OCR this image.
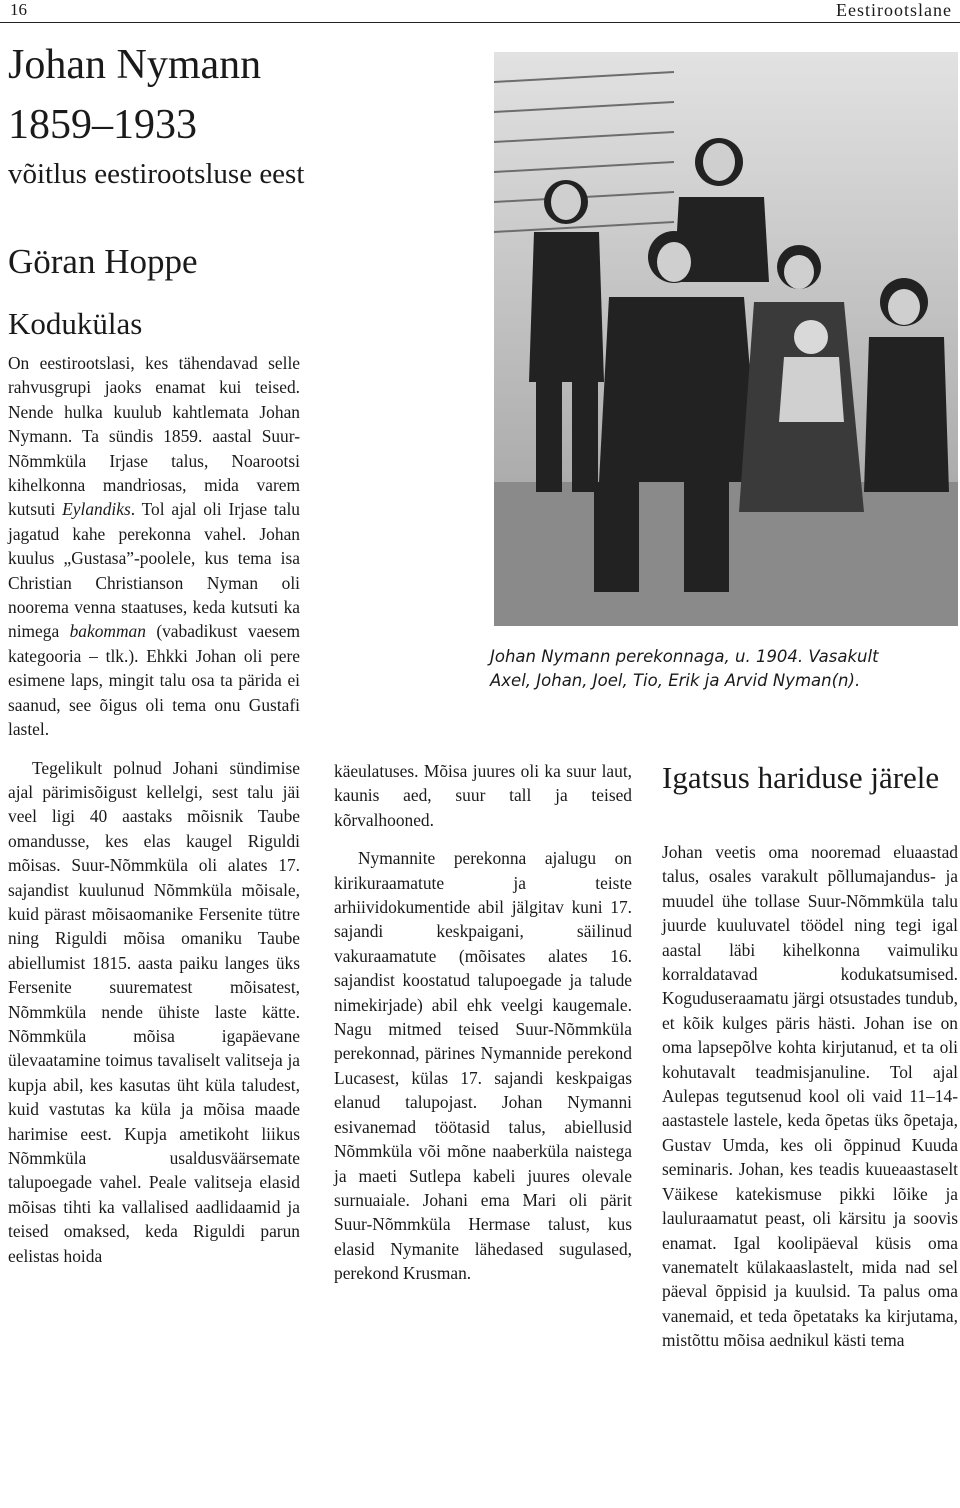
16	Eestirootslane
Johan Nymann
1859–1933
võitlus eestirootsluse eest
Göran Hoppe
Kodukülas

On eestirootslasi, kes tähendavad selle rahvusgrupi jaoks enamat kui teised. Nende hulka kuulub kahtlemata Johan Nymann. Ta sündis 1859. aastal Suur-Nõmmküla Irjase talus, Noarootsi kihelkonna mandriosas, mida varem kutsuti Eylandiks. Tol ajal oli Irjase talu jagatud kahe perekonna vahel. Johan kuulus „Gustasa”-poolele, kus tema isa Christian Christianson Nyman oli noorema venna staatuses, keda kutsuti ka nimega bakomman (vabadikust vaesem kategooria – tlk.). Ehkki Johan oli pere esimene laps, mingit talu osa ta pärida ei saanud, see õigus oli tema onu Gustafi lastel.

Tegelikult polnud Johani sündimise ajal pärimisõigust kellelgi, sest talu jäi veel ligi 40 aastaks mõisnik Taube omandusse, kes elas kaugel Riguldi mõisas. Suur-Nõmmküla oli alates 17. sajandist kuulunud Nõmmküla mõisale, kuid pärast mõisaomanike Fersenite tütre ning Riguldi mõisa omaniku Taube abiellumist 1815. aasta paiku langes üks Fersenite suurematest mõisatest, Nõmmküla nende ühiste laste kätte. Nõmmküla mõisa igapäevane ülevaatamine toimus tavaliselt valitseja ja kupja abil, kes kasutas üht küla taludest, kuid vastutas ka küla ja mõisa maade harimise eest. Kupja ametikoht liikus Nõmmküla usaldusväärsemate talupoegade vahel. Peale valitseja elasid mõisas tihti ka vallalised aadlidaamid ja teised omaksed, keda Riguldi parun eelistas hoida

Johan Nymann perekonnaga, u. 1904. Vasakult
Axel, Johan, Joel, Tio, Erik ja Arvid Nyman(n).

käeulatuses. Mõisa juures oli ka suur laut, kaunis aed, suur tall ja teised kõrvalhooned.

Nymannite perekonna ajalugu on kirikuraamatute ja teiste arhiividokumentide abil jälgitav kuni 17. sajandi keskpaigani, säilinud vakuraamatute (mõisates alates 16. sajandist koostatud talupoegade ja talude nimekirjade) abil ehk veelgi kaugemale. Nagu mitmed teised Suur-Nõmmküla perekonnad, pärines Nymannide perekond Lucasest, külas 17. sajandi keskpaigas elanud talupojast. Johan Nymanni esivanemad töötasid talus, abiellusid Nõmmküla või mõne naaberküla naistega ja maeti Sutlepa kabeli juures olevale surnuaiale. Johani ema Mari oli pärit Suur-Nõmmküla Hermase talust, kus elasid Nymanite lähedased sugulased, perekond Krusman.

Igatsus hariduse järele

Johan veetis oma nooremad eluaastad talus, osales varakult põllumajandus- ja muudel ühe tollase Suur-Nõmmküla talu juurde kuuluvatel töödel ning tegi igal aastal läbi kihelkonna vaimuliku korraldatavad kodukatsumised. Koguduseraamatu järgi otsustades tundub, et kõik kulges päris hästi. Johan ise on oma lapsepõlve kohta kirjutanud, et ta oli kohutavalt teadmisjanuline. Tol ajal Aulepas tegutsenud kool oli vaid 11–14-aastastele lastele, keda õpetas üks õpetaja, Gustav Umda, kes oli õppinud Kuuda seminaris. Johan, kes teadis kuueaastaselt Väikese katekismuse pikki lõike ja lauluraamatut peast, oli kärsitu ja soovis enamat. Igal koolipäeval küsis oma vanematelt külakaaslastelt, mida nad sel päeval õppisid ja kuulsid. Ta palus oma vanemaid, et teda õpetataks ka kirjutama, mistõttu mõisa aednikul kästi tema
